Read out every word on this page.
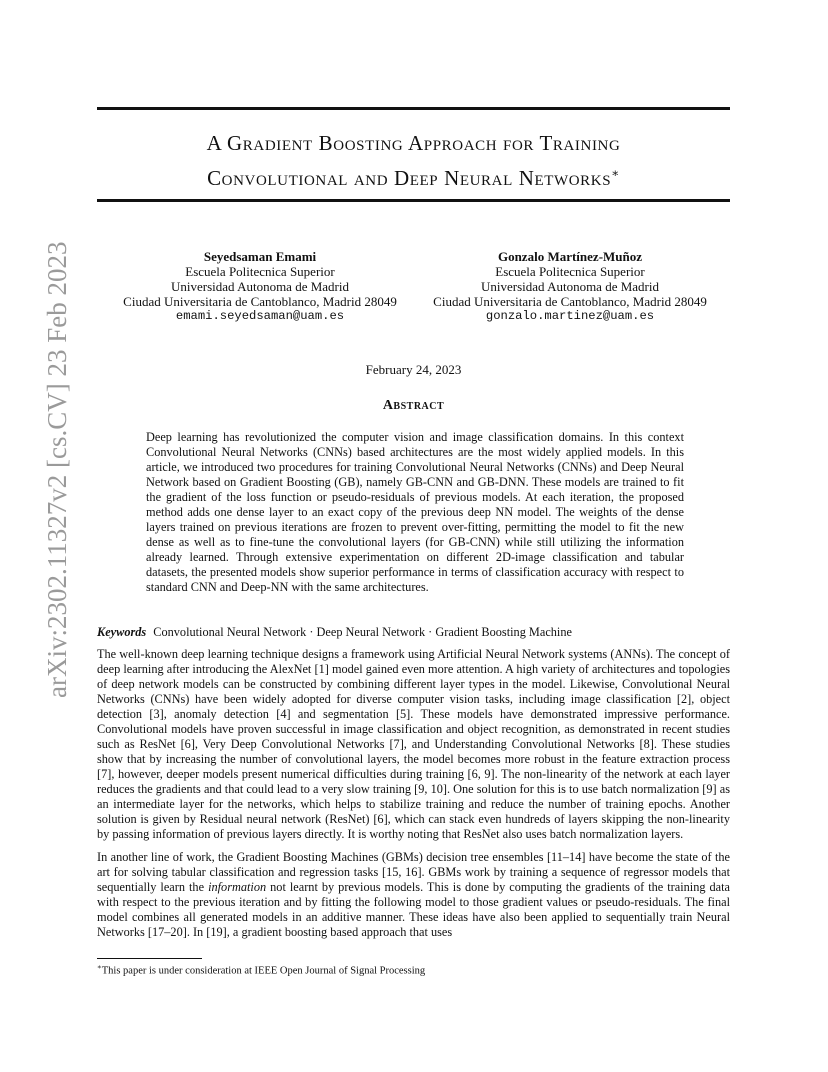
arXiv:2302.11327v2 [cs.CV] 23 Feb 2023
A Gradient Boosting Approach for Training
Convolutional and Deep Neural Networks∗
Seyedsaman Emami
Escuela Politecnica Superior
Universidad Autonoma de Madrid
Ciudad Universitaria de Cantoblanco, Madrid 28049
emami.seyedsaman@uam.es
Gonzalo Martínez-Muñoz
Escuela Politecnica Superior
Universidad Autonoma de Madrid
Ciudad Universitaria de Cantoblanco, Madrid 28049
gonzalo.martinez@uam.es
February 24, 2023
Abstract

Deep learning has revolutionized the computer vision and image classification domains. In this context Convolutional Neural Networks (CNNs) based architectures are the most widely applied models. In this article, we introduced two procedures for training Convolutional Neural Networks (CNNs) and Deep Neural Network based on Gradient Boosting (GB), namely GB-CNN and GB-DNN. These models are trained to fit the gradient of the loss function or pseudo-residuals of previous models. At each iteration, the proposed method adds one dense layer to an exact copy of the previous deep NN model. The weights of the dense layers trained on previous iterations are frozen to prevent over-fitting, permitting the model to fit the new dense as well as to fine-tune the convolutional layers (for GB-CNN) while still utilizing the information already learned. Through extensive experimentation on different 2D-image classification and tabular datasets, the presented models show superior performance in terms of classification accuracy with respect to standard CNN and Deep-NN with the same architectures.

Keywords Convolutional Neural Network · Deep Neural Network · Gradient Boosting Machine

The well-known deep learning technique designs a framework using Artificial Neural Network systems (ANNs). The concept of deep learning after introducing the AlexNet [1] model gained even more attention. A high variety of architectures and topologies of deep network models can be constructed by combining different layer types in the model. Likewise, Convolutional Neural Networks (CNNs) have been widely adopted for diverse computer vision tasks, including image classification [2], object detection [3], anomaly detection [4] and segmentation [5]. These models have demonstrated impressive performance. Convolutional models have proven successful in image classification and object recognition, as demonstrated in recent studies such as ResNet [6], Very Deep Convolutional Networks [7], and Understanding Convolutional Networks [8]. These studies show that by increasing the number of convolutional layers, the model becomes more robust in the feature extraction process [7], however, deeper models present numerical difficulties during training [6, 9]. The non-linearity of the network at each layer reduces the gradients and that could lead to a very slow training [9, 10]. One solution for this is to use batch normalization [9] as an intermediate layer for the networks, which helps to stabilize training and reduce the number of training epochs. Another solution is given by Residual neural network (ResNet) [6], which can stack even hundreds of layers skipping the non-linearity by passing information of previous layers directly. It is worthy noting that ResNet also uses batch normalization layers.

In another line of work, the Gradient Boosting Machines (GBMs) decision tree ensembles [11–14] have become the state of the art for solving tabular classification and regression tasks [15, 16]. GBMs work by training a sequence of regressor models that sequentially learn the information not learnt by previous models. This is done by computing the gradients of the training data with respect to the previous iteration and by fitting the following model to those gradient values or pseudo-residuals. The final model combines all generated models in an additive manner. These ideas have also been applied to sequentially train Neural Networks [17–20]. In [19], a gradient boosting based approach that uses

∗This paper is under consideration at IEEE Open Journal of Signal Processing
